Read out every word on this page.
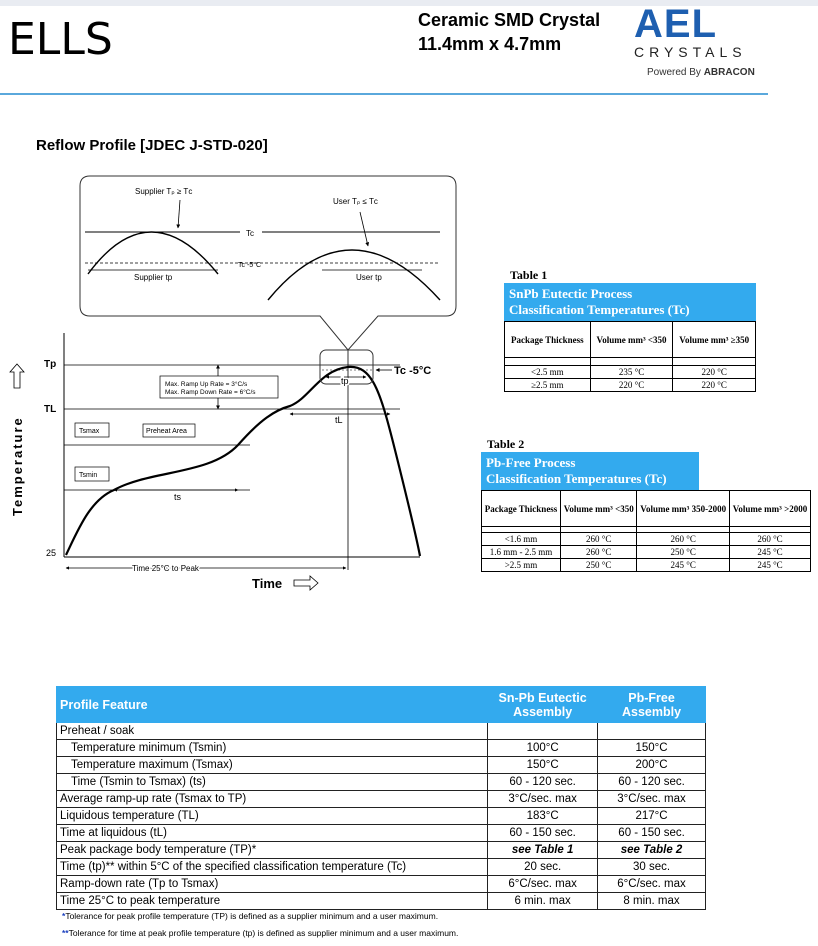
ELLS	Ceramic SMD Crystal
11.4mm x 4.7mm	AEL
CRYSTALS
Powered By ABRACON
Reflow Profile [JDEC J-STD-020]
Supplier Tₚ ≥ Tᴄ
User Tₚ ≤ Tᴄ
Tc
Tc -5°C
Supplier tp	User tp
Tp
TL
25
Tsmax
Tsmin
Preheat Area
Max. Ramp Up Rate = 3°C/s
Max. Ramp Down Rate = 6°C/s
Tc -5°C
tp
tL
ts
Time 25°C to Peak
Time
Temperature
Table 1
SnPb Eutectic Process
Classification Temperatures (Tc)
Package Thickness	Volume mm³ <350	Volume mm³ ≥350

<2.5 mm	235 °C	220 °C
≥2.5 mm	220 °C	220 °C
Table 2
Pb-Free Process
Classification Temperatures (Tc)
Package Thickness	Volume mm³ <350	Volume mm³ 350-2000	Volume mm³ >2000

<1.6 mm	260 °C	260 °C	260 °C
1.6 mm - 2.5 mm	260 °C	250 °C	245 °C
>2.5 mm	250 °C	245 °C	245 °C
Profile Feature	Sn-Pb Eutectic Assembly	Pb-Free Assembly
Preheat / soak		
Temperature minimum (Tsmin)	100°C	150°C
Temperature maximum (Tsmax)	150°C	200°C
Time (Tsmin to Tsmax) (ts)	60 - 120 sec.	60 - 120 sec.
Average ramp-up rate (Tsmax to TP)	3°C/sec. max	3°C/sec. max
Liquidous temperature (TL)	183°C	217°C
Time at liquidous (tL)	60 - 150 sec.	60 - 150 sec.
Peak package body temperature (TP)*	see Table 1	see Table 2
Time (tp)** within 5°C of the specified classification temperature (Tc)	20 sec.	30 sec.
Ramp-down rate (Tp to Tsmax)	6°C/sec. max	6°C/sec. max
Time 25°C to peak temperature	6 min. max	8 min. max
*Tolerance for peak profile temperature (TP) is defined as a supplier minimum and a user maximum.
**Tolerance for time at peak profile temperature (tp) is defined as supplier minimum and a user maximum.
